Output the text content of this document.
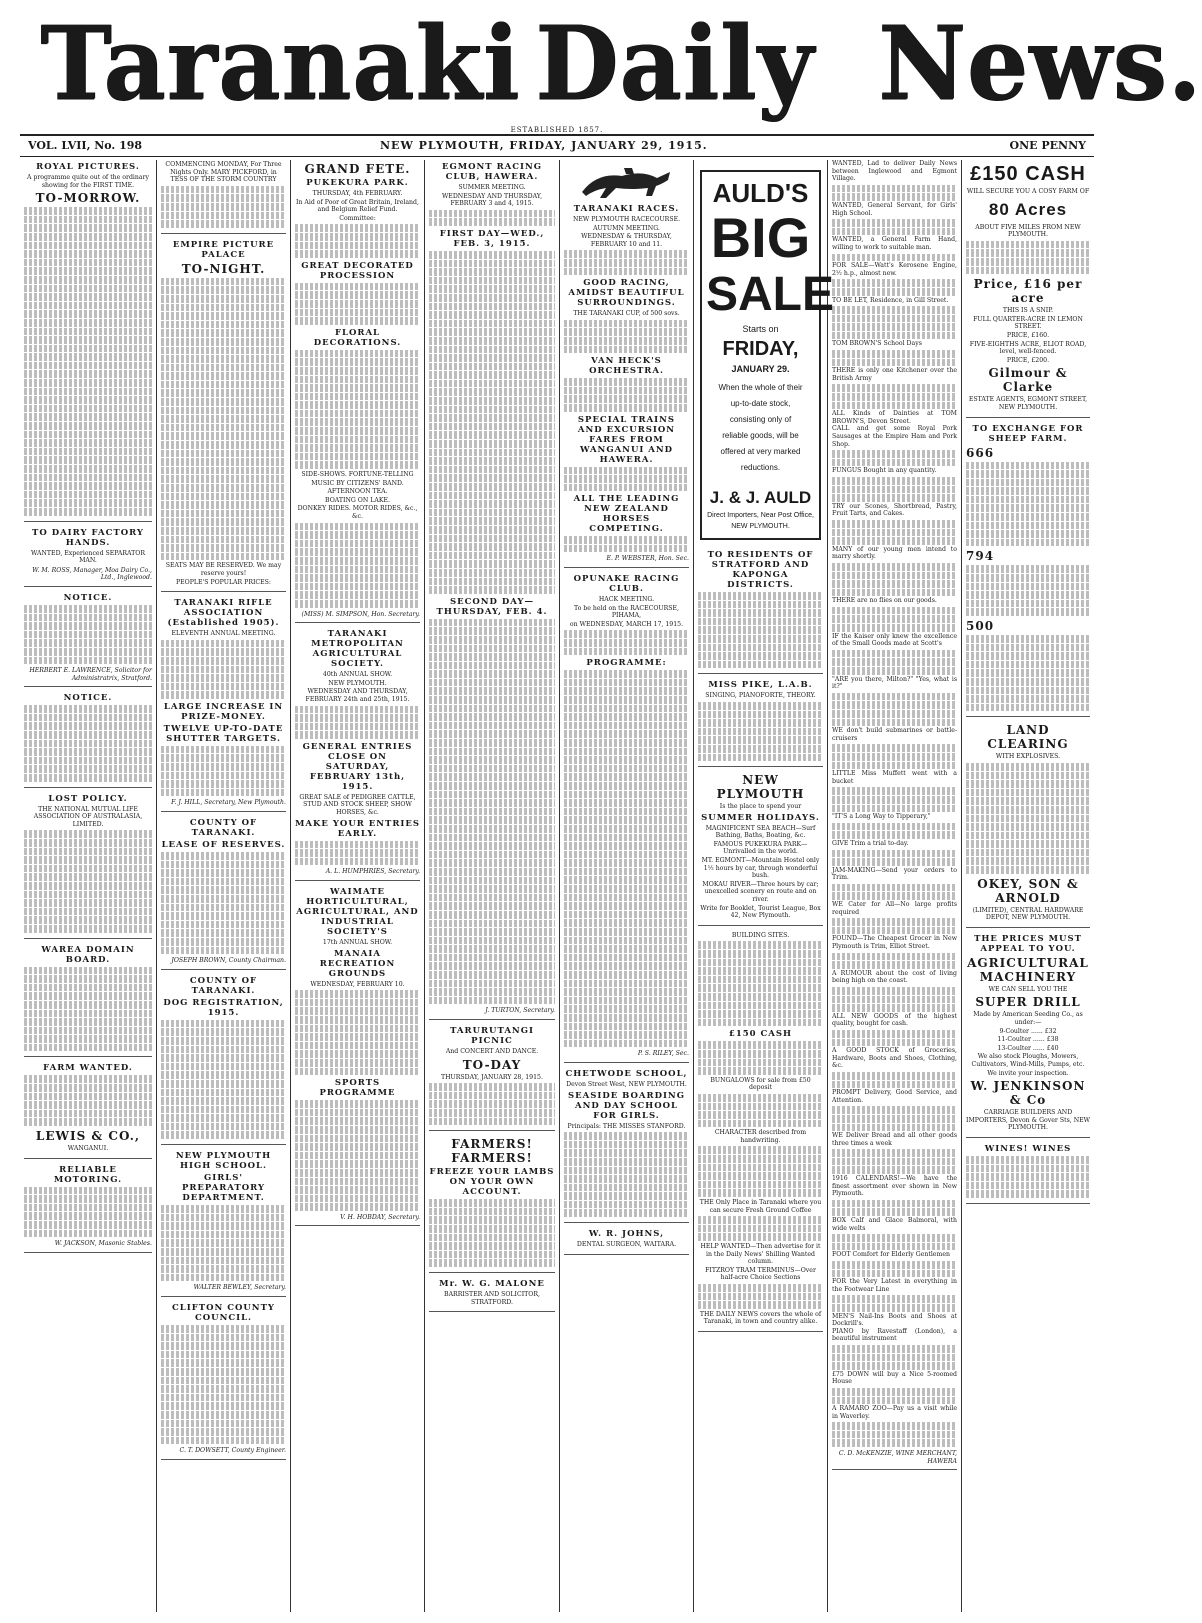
Taranaki Daily News.
ESTABLISHED 1857.
VOL. LVII, No. 198	NEW PLYMOUTH, FRIDAY, JANUARY 29, 1915.	ONE PENNY
ROYAL PICTURES.
A programme quite out of the ordinary showing for the FIRST TIME.
TO-MORROW.
TO DAIRY FACTORY HANDS.
WANTED, Experienced SEPARATOR MAN.
W. M. ROSS, Manager, Moa Dairy Co., Ltd., Inglewood.
NOTICE.
HERBERT E. LAWRENCE, Solicitor for Administratrix, Stratford.
NOTICE.
LOST POLICY.
THE NATIONAL MUTUAL LIFE ASSOCIATION OF AUSTRALASIA, LIMITED.
WAREA DOMAIN BOARD.
FARM WANTED.
LEWIS & CO.,
WANGANUI.
RELIABLE MOTORING.
W. JACKSON, Masonic Stables.
COMMENCING MONDAY, For Three Nights Only. MARY PICKFORD, in TESS OF THE STORM COUNTRY
EMPIRE PICTURE PALACE
TO-NIGHT.
SEATS MAY BE RESERVED. We may reserve yours!
PEOPLE'S POPULAR PRICES:
TARANAKI RIFLE ASSOCIATION (Established 1905).
ELEVENTH ANNUAL MEETING.
LARGE INCREASE IN PRIZE-MONEY.
TWELVE UP-TO-DATE SHUTTER TARGETS.
F. J. HILL, Secretary, New Plymouth.
COUNTY OF TARANAKI.
LEASE OF RESERVES.
JOSEPH BROWN, County Chairman.
COUNTY OF TARANAKI.
DOG REGISTRATION, 1915.
NEW PLYMOUTH HIGH SCHOOL.
GIRLS' PREPARATORY DEPARTMENT.
WALTER BEWLEY, Secretary.
CLIFTON COUNTY COUNCIL.
C. T. DOWSETT, County Engineer.
GRAND FETE.
PUKEKURA PARK.
THURSDAY, 4th FEBRUARY.
In Aid of Poor of Great Britain, Ireland, and Belgium Relief Fund.
Committee:
GREAT DECORATED PROCESSION
FLORAL DECORATIONS.
SIDE-SHOWS. FORTUNE-TELLING
MUSIC BY CITIZENS' BAND.
AFTERNOON TEA.
BOATING ON LAKE.
DONKEY RIDES. MOTOR RIDES, &c., &c.
(MISS) M. SIMPSON, Hon. Secretary.
TARANAKI METROPOLITAN AGRICULTURAL SOCIETY.
40th ANNUAL SHOW.
NEW PLYMOUTH.
WEDNESDAY AND THURSDAY, FEBRUARY 24th and 25th, 1915.
GENERAL ENTRIES CLOSE ON SATURDAY, FEBRUARY 13th, 1915.
GREAT SALE of PEDIGREE CATTLE, STUD AND STOCK SHEEP, SHOW HORSES, &c.
MAKE YOUR ENTRIES EARLY.
A. L. HUMPHRIES, Secretary.
WAIMATE HORTICULTURAL, AGRICULTURAL, AND INDUSTRIAL SOCIETY'S
17th ANNUAL SHOW.
MANAIA RECREATION GROUNDS
WEDNESDAY, FEBRUARY 10.
SPORTS PROGRAMME
V. H. HOBDAY, Secretary.
EGMONT RACING CLUB, HAWERA.
SUMMER MEETING.
WEDNESDAY AND THURSDAY, FEBRUARY 3 and 4, 1915.
FIRST DAY—WED., FEB. 3, 1915.
SECOND DAY—THURSDAY, FEB. 4.
J. TURTON, Secretary.
TARURUTANGI PICNIC
And CONCERT AND DANCE.
TO-DAY
THURSDAY, JANUARY 28, 1915.
FARMERS! FARMERS!
FREEZE YOUR LAMBS ON YOUR OWN ACCOUNT.
Mr. W. G. MALONE
BARRISTER AND SOLICITOR, STRATFORD.
TARANAKI RACES.
NEW PLYMOUTH RACECOURSE.
AUTUMN MEETING.
WEDNESDAY & THURSDAY, FEBRUARY 10 and 11.
GOOD RACING, AMIDST BEAUTIFUL SURROUNDINGS.
THE TARANAKI CUP, of 500 sovs.
VAN HECK'S ORCHESTRA.
SPECIAL TRAINS AND EXCURSION FARES FROM WANGANUI AND HAWERA.
ALL THE LEADING NEW ZEALAND HORSES COMPETING.
E. P. WEBSTER, Hon. Sec.
OPUNAKE RACING CLUB.
HACK MEETING.
To be held on the RACECOURSE, PIHAMA,
on WEDNESDAY, MARCH 17, 1915.
PROGRAMME:
P. S. RILEY, Sec.
CHETWODE SCHOOL,
Devon Street West, NEW PLYMOUTH.
SEASIDE BOARDING AND DAY SCHOOL FOR GIRLS.
Principals: THE MISSES STANFORD.
W. R. JOHNS,
DENTAL SURGEON, WAITARA.
AULD'S
BIG
SALE
Starts on
FRIDAY,
JANUARY 29.
When the whole of their up-to-date stock, consisting only of reliable goods, will be offered at very marked reductions.
J. & J. AULD
Direct Importers, Near Post Office, NEW PLYMOUTH.
TO RESIDENTS OF STRATFORD AND KAPONGA DISTRICTS.
MISS PIKE, L.A.B.
SINGING, PIANOFORTE, THEORY.
NEW PLYMOUTH
Is the place to spend your
SUMMER HOLIDAYS.
MAGNIFICENT SEA BEACH—Surf Bathing, Baths, Boating, &c.
FAMOUS PUKEKURA PARK—Unrivalled in the world.
MT. EGMONT—Mountain Hostel only 1½ hours by car, through wonderful bush.
MOKAU RIVER—Three hours by car; unexcelled scenery en route and on river.
Write for Booklet, Tourist League, Box 42, New Plymouth.
BUILDING SITES.
£150 CASH
BUNGALOWS for sale from £50 deposit
CHARACTER described from handwriting.
THE Only Place in Taranaki where you can secure Fresh Ground Coffee
HELP WANTED—Then advertise for it in the Daily News' Shilling Wanted column.
FITZROY TRAM TERMINUS—Over half-acre Choice Sections
THE DAILY NEWS covers the whole of Taranaki, in town and country alike.
WANTED, Lad to deliver Daily News between Inglewood and Egmont Village.
WANTED, General Servant, for Girls' High School.
WANTED, a General Farm Hand, willing to work to suitable man.
FOR SALE—Watt's Kerosene Engine, 2½ h.p., almost new.
TO BE LET, Residence, in Gill Street.
TOM BROWN'S School Days
THERE is only one Kitchener over the British Army
ALL Kinds of Dainties at TOM BROWN'S, Devon Street.
CALL and get some Royal Pork Sausages at the Empire Ham and Pork Shop.
FUNGUS Bought in any quantity.
TRY our Scones, Shortbread, Pastry, Fruit Tarts, and Cakes.
MANY of our young men intend to marry shortly.
THERE are no flies on our goods.
IF the Kaiser only knew the excellence of the Small Goods made at Scott's
"ARE you there, Milton?" "Yes, what is it?"
WE don't build submarines or battle-cruisers
LITTLE Miss Muffett went with a bucket
"IT'S a Long Way to Tipperary,"
GIVE Trim a trial to-day.
JAM-MAKING—Send your orders to Trim.
WE Cater for All—No large profits required
FOUND—The Cheapest Grocer in New Plymouth is Trim, Elliot Street.
A RUMOUR about the cost of living being high on the coast.
ALL NEW GOODS of the highest quality, bought for cash.
A GOOD STOCK of Groceries, Hardware, Boots and Shoes, Clothing, &c.
PROMPT Delivery, Good Service, and Attention.
WE Deliver Bread and all other goods three times a week
1916 CALENDARS!—We have the finest assortment ever shown in New Plymouth.
BOX Calf and Glace Balmoral, with wide welts
FOOT Comfort for Elderly Gentlemen
FOR the Very Latest in everything in the Footwear Line
MEN'S Nail-Ins Boots and Shoes at Dockrill's.
PIANO by Ravestaff (London), a beautiful instrument
£75 DOWN will buy a Nice 5-roomed House
A RAMARO ZOO—Pay us a visit while in Waverley.
C. D. McKENZIE, WINE MERCHANT, HAWERA
£150 CASH
WILL SECURE YOU A COSY FARM OF
80 Acres
ABOUT FIVE MILES FROM NEW PLYMOUTH.
Price, £16 per acre
THIS IS A SNIP.
FULL QUARTER-ACRE IN LEMON STREET.
PRICE, £160.
FIVE-EIGHTHS ACRE, ELIOT ROAD, level, well-fenced.
PRICE, £200.
Gilmour & Clarke
ESTATE AGENTS, EGMONT STREET, NEW PLYMOUTH.
TO EXCHANGE FOR SHEEP FARM.
666
794
500
LAND CLEARING
WITH EXPLOSIVES.
OKEY, SON & ARNOLD
(LIMITED), CENTRAL HARDWARE DEPOT, NEW PLYMOUTH.
THE PRICES MUST APPEAL TO YOU.
AGRICULTURAL MACHINERY
WE CAN SELL YOU THE
SUPER DRILL
Made by American Seeding Co., as under:—
9-Coulter ...... £32
11-Coulter ...... £38
13-Coulter ...... £40
We also stock Ploughs, Mowers, Cultivators, Wind-Mills, Pumps, etc.
We invite your inspection.
W. JENKINSON & Co
CARRIAGE BUILDERS AND IMPORTERS, Devon & Gover Sts, NEW PLYMOUTH.
WINES! WINES
